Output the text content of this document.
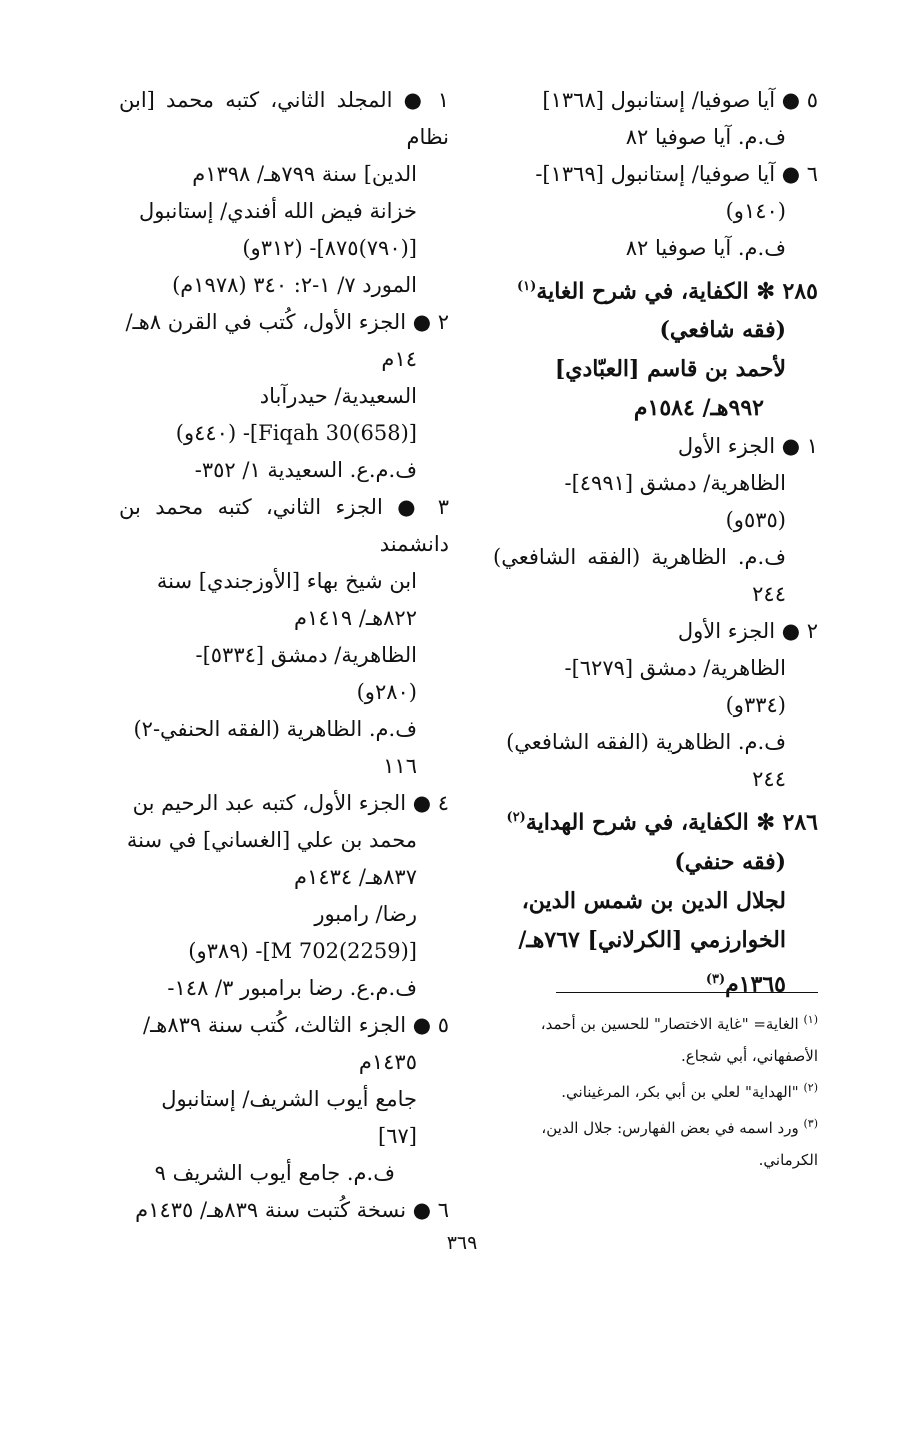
٥ ● آيا صوفيا/ إستانبول [١٣٦٨]

ف.م. آيا صوفيا ٨٢

٦ ● آيا صوفيا/ إستانبول [١٣٦٩]-

(١٤٠و)

ف.م. آيا صوفيا ٨٢

٢٨٥ ✻ الكفاية، في شرح الغاية$^{(١)}$

(فقه شافعي)

لأحمد بن قاسم [العبّادي]

٩٩٢هـ/ ١٥٨٤م

١ ● الجزء الأول

الظاهرية/ دمشق [٤٩٩١]-

(٥٣٥و)

ف.م. الظاهرية (الفقه الشافعي) ٢٤٤

٢ ● الجزء الأول

الظاهرية/ دمشق [٦٢٧٩]-

(٣٣٤و)

ف.م. الظاهرية (الفقه الشافعي)

٢٤٤

٢٨٦ ✻ الكفاية، في شرح الهداية$^{(٢)}$

(فقه حنفي)

لجلال الدين بن شمس الدين،

الخوارزمي [الكرلاني] ٧٦٧هـ/

١٣٦٥م$^{(٣)}$

١ ● المجلد الثاني، كتبه محمد [ابن نظام

الدين] سنة ٧٩٩هـ/ ١٣٩٨م

خزانة فيض الله أفندي/ إستانبول

[(٧٩٠)٨٧٥]- (٣١٢و)

المورد ٧/ ١-٢: ٣٤٠ (١٩٧٨م)

٢ ● الجزء الأول، كُتب في القرن ٨هـ/

١٤م

السعيدية/ حيدرآباد

[(658)Fiqah 30]- (٤٤٠و)

ف.م.ع. السعيدية ١/ ٣٥٢-

٣ ● الجزء الثاني، كتبه محمد بن دانشمند

ابن شيخ بهاء [الأوزجندي] سنة

٨٢٢هـ/ ١٤١٩م

الظاهرية/ دمشق [٥٣٣٤]-

(٢٨٠و)

ف.م. الظاهرية (الفقه الحنفي-٢)

١١٦

٤ ● الجزء الأول، كتبه عبد الرحيم بن

محمد بن علي [الغساني] في سنة

٨٣٧هـ/ ١٤٣٤م

رضا/ رامبور

[(2259)702 M]- (٣٨٩و)

ف.م.ع. رضا برامبور ٣/ ١٤٨-

٥ ● الجزء الثالث، كُتب سنة ٨٣٩هـ/

١٤٣٥م

جامع أيوب الشريف/ إستانبول

[٦٧]

ف.م. جامع أيوب الشريف ٩

٦ ● نسخة كُتبت سنة ٨٣٩هـ/ ١٤٣٥م

$^{(١)}$ الغاية= "غاية الاختصار" للحسين بن أحمد،

الأصفهاني، أبي شجاع.

$^{(٢)}$ "الهداية" لعلي بن أبي بكر، المرغيناني.

$^{(٣)}$ ورد اسمه في بعض الفهارس: جلال الدين،

الكرماني.

٣٦٩
